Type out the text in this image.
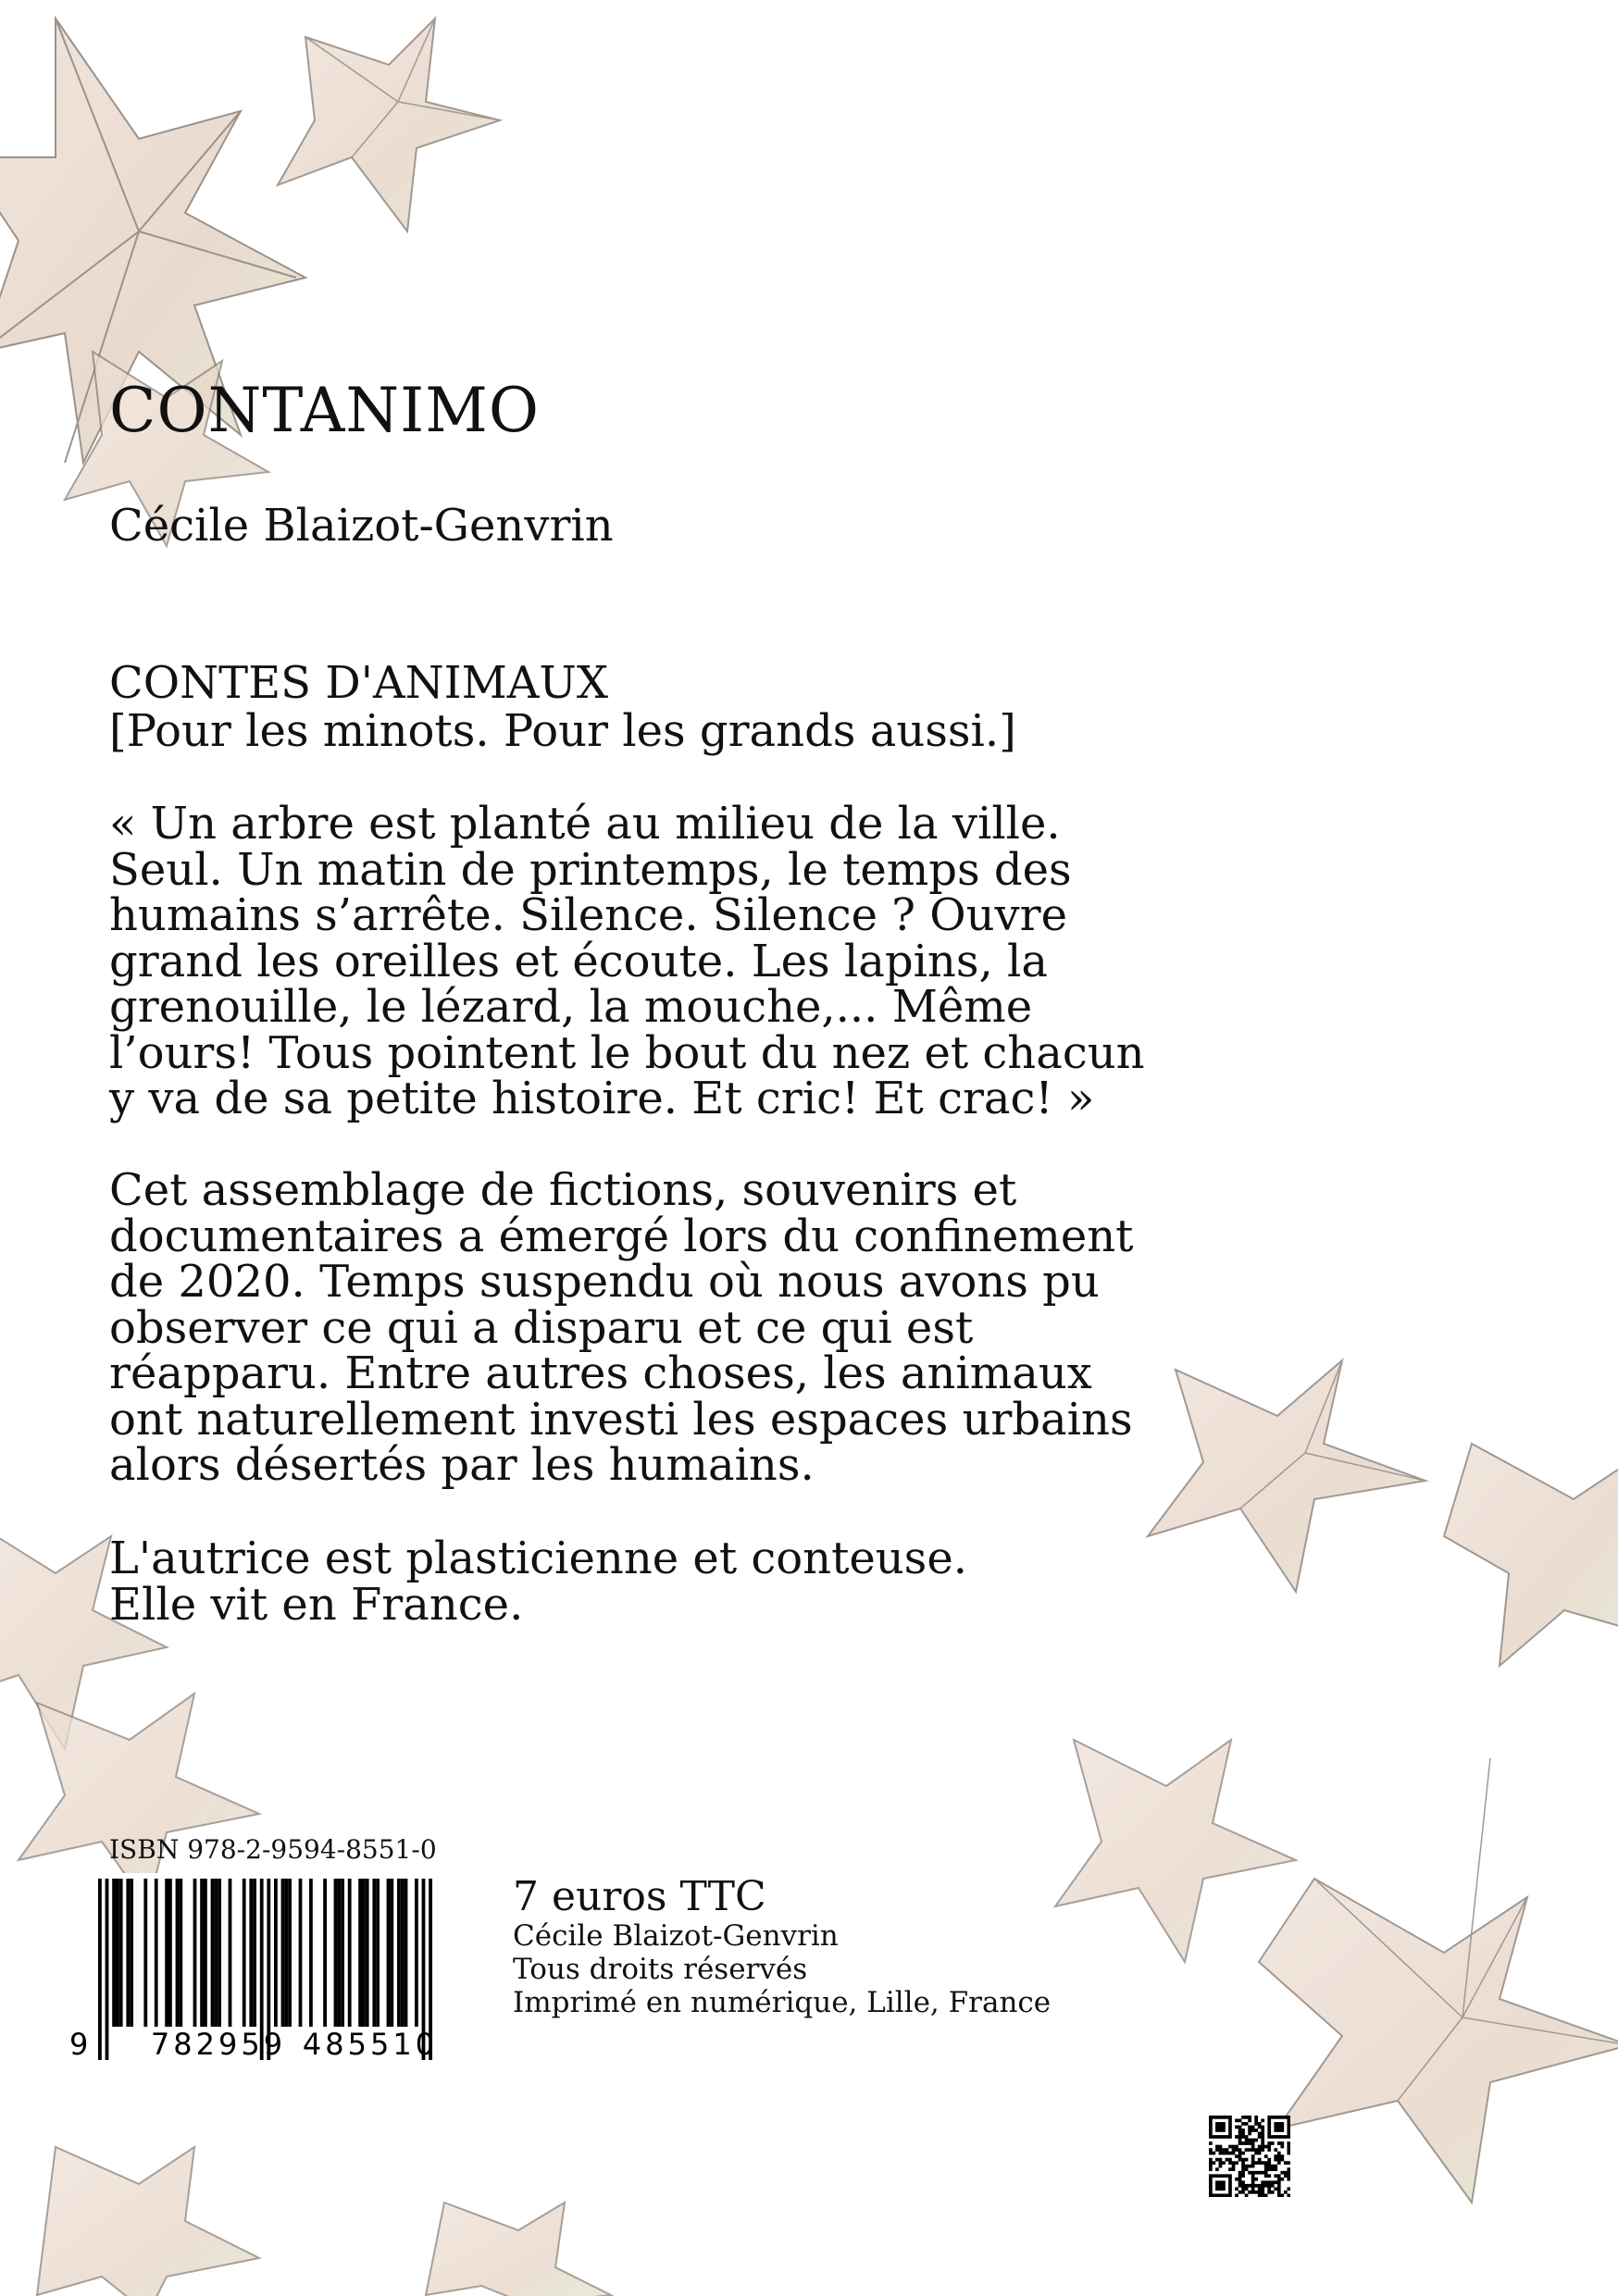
CONTANIMO
Cécile Blaizot-Genvrin
CONTES D'ANIMAUX
[Pour les minots. Pour les grands aussi.]
« Un arbre est planté au milieu de la ville.
Seul. Un matin de printemps, le temps des
humains s’arrête. Silence. Silence ? Ouvre
grand les oreilles et écoute. Les lapins, la
grenouille, le lézard, la mouche,... Même
l’ours! Tous pointent le bout du nez et chacun
y va de sa petite histoire. Et cric! Et crac! »
Cet assemblage de fictions, souvenirs et
documentaires a émergé lors du confinement
de 2020. Temps suspendu où nous avons pu
observer ce qui a disparu et ce qui est
réapparu. Entre autres choses, les animaux
ont naturellement investi les espaces urbains
alors désertés par les humains.
L'autrice est plasticienne et conteuse.
Elle vit en France.
ISBN 978-2-9594-8551-0
9 782959 485510
7 euros TTC
Cécile Blaizot-Genvrin
Tous droits réservés
Imprimé en numérique, Lille, France
